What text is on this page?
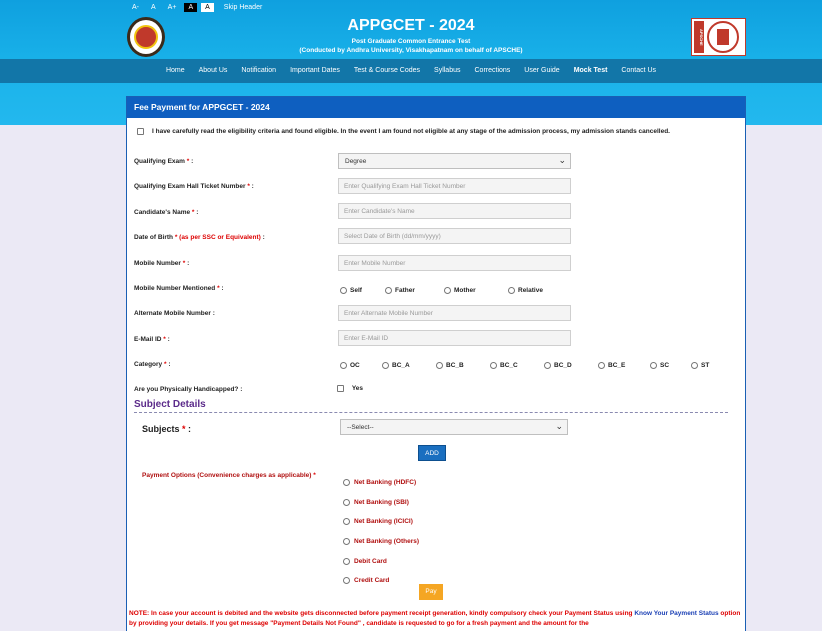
A-	A	A+	A	A	Skip Header
APPGCET - 2024
Post Graduate Common Entrance Test
(Conducted by Andhra University, Visakhapatnam on behalf of APSCHE)
APSCHE
Home	About Us	Notification	Important Dates	Test & Course Codes	Syllabus	Corrections	User Guide	Mock Test	Contact Us
Fee Payment for APPGCET - 2024
I have carefully read the eligibility criteria and found eligible. In the event I am found not eligible at any stage of the admission process, my admission stands cancelled.
Qualifying Exam * :	Degree	⌄
Qualifying Exam Hall Ticket Number * :	Enter Qualifying Exam Hall Ticket Number
Candidate's Name * :	Enter Candidate's Name
Date of Birth * (as per SSC or Equivalent) :	Select Date of Birth (dd/mm/yyyy)
Mobile Number * :	Enter Mobile Number
Mobile Number Mentioned * :	Self	Father	Mother	Relative
Alternate Mobile Number :	Enter Alternate Mobile Number
E-Mail ID * :	Enter E-Mail ID
Category * :	OC	BC_A	BC_B	BC_C	BC_D	BC_E	SC	ST
Are you Physically Handicapped? :
	Yes
Subject Details
Subjects * :	--Select--	⌄
ADD
Payment Options (Convenience charges as applicable) *
Net Banking (HDFC)
Net Banking (SBI)
Net Banking (ICICI)
Net Banking (Others)
Debit Card
Credit Card
Pay
NOTE: In case your account is debited and the website gets disconnected before payment receipt generation, kindly compulsory check your Payment Status using Know Your Payment Status option by providing your details. If you get message "Payment Details Not Found" , candidate is requested to go for a fresh payment and the amount for the
